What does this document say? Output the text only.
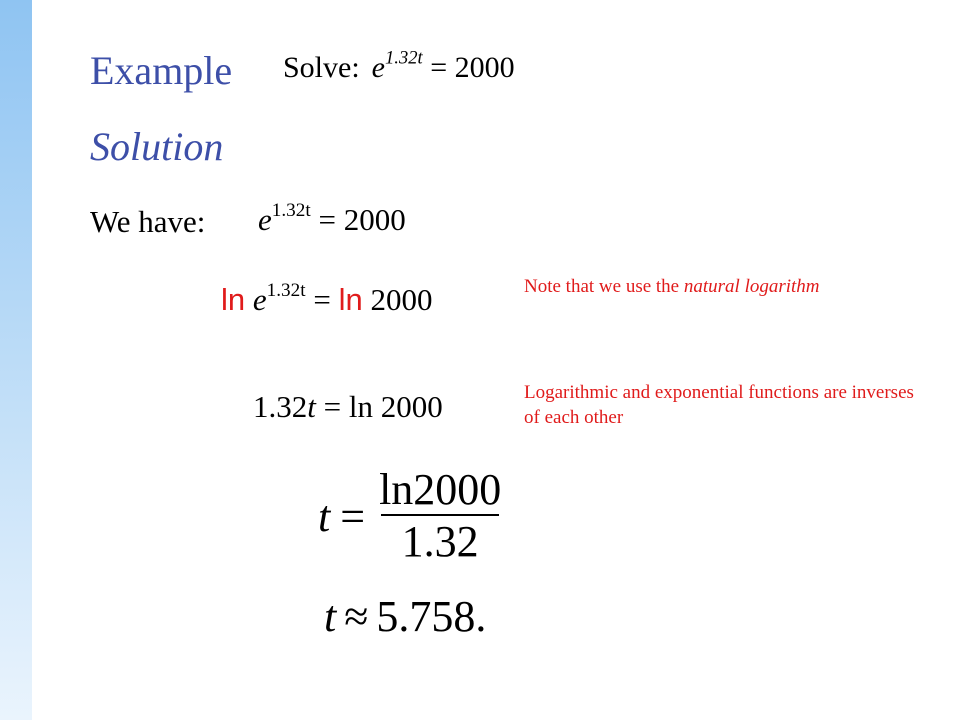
Example Solve: $e^{1.32t} = 2000$
Solution
We have: $e^{1.32t} = 2000$
$\ln e^{1.32t} = \ln 2000$	Note that we use the natural logarithm
1.32t = ln 2000	Logarithmic and exponential functions are inverses of each other
$t = \frac{\ln 2000}{1.32}$
t ≈ 5.758.
